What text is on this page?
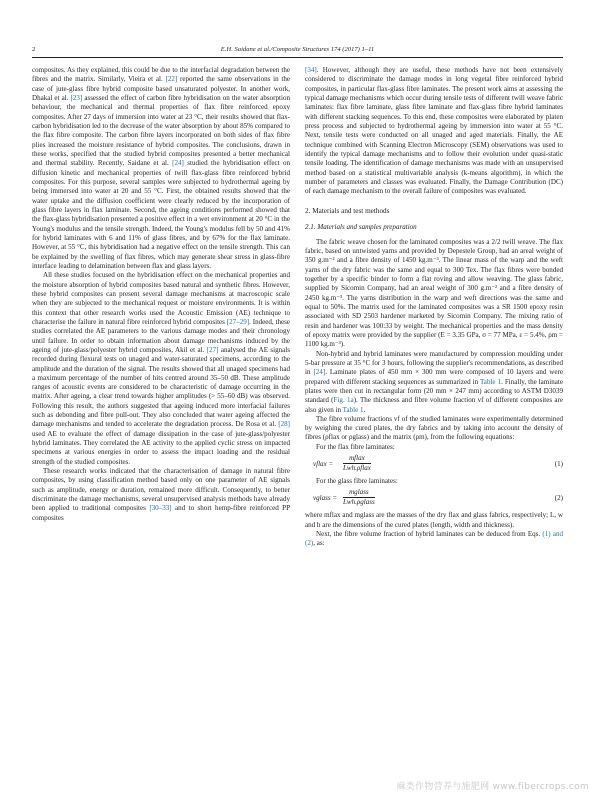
2	E.H. Saidane et al./Composite Structures 174 (2017) 1–11

composites. As they explained, this could be due to the interfacial degradation between the fibres and the matrix. Similarly, Vieira et al. [22] reported the same observations in the case of jute-glass fibre hybrid composite based unsaturated polyester. In another work, Dhakal et al. [23] assessed the effect of carbon fibre hybridisation on the water absorption behaviour, the mechanical and thermal properties of flax fibre reinforced epoxy composites. After 27 days of immersion into water at 23 °C, their results showed that flax-carbon hybridisation led to the decrease of the water absorption by about 85% compared to the flax fibre composite. The carbon fibre layers incorporated on both sides of flax fibre plies increased the moisture resistance of hybrid composites. The conclusions, drawn in these works, specified that the studied hybrid composites presented a better mechanical and thermal stability. Recently, Saidane et al. [24] studied the hybridisation effect on diffusion kinetic and mechanical properties of twill flax-glass fibre reinforced hybrid composites. For this purpose, several samples were subjected to hydrothermal ageing by being immersed into water at 20 and 55 °C. First, the obtained results showed that the water uptake and the diffusion coefficient were clearly reduced by the incorporation of glass fibre layers in flax laminate. Second, the ageing conditions performed showed that the flax-glass hybridisation presented a positive effect in a wet environment at 20 °C in the Young's modulus and the tensile strength. Indeed, the Young's modulus fell by 50 and 41% for hybrid laminates with 6 and 11% of glass fibres, and by 67% for the flax laminate. However, at 55 °C, this hybridisation had a negative effect on the tensile strength. This can be explained by the swelling of flax fibres, which may generate shear stress in glass-fibre interface leading to delamination between flax and glass layers.

All these studies focused on the hybridisation effect on the mechanical properties and the moisture absorption of hybrid composites based natural and synthetic fibres. However, these hybrid composites can present several damage mechanisms at macroscopic scale when they are subjected to the mechanical request or moisture environments. It is within this context that other research works used the Acoustic Emission (AE) technique to characterise the failure in natural fibre reinforced hybrid composites [27–29]. Indeed, these studies correlated the AE parameters to the various damage modes and their chronology until failure. In order to obtain information about damage mechanisms induced by the ageing of jute-glass/polyester hybrid composites, Akil et al. [27] analysed the AE signals recorded during flexural tests on unaged and water-saturated specimens, according to the amplitude and the duration of the signal. The results showed that all unaged specimens had a maximum percentage of the number of hits centred around 35–50 dB. These amplitude ranges of acoustic events are considered to be characteristic of damage occurring in the matrix. After ageing, a clear trend towards higher amplitudes (> 55–60 dB) was observed. Following this result, the authors suggested that ageing induced more interfacial failures such as debonding and fibre pull-out. They also concluded that water ageing affected the damage mechanisms and tended to accelerate the degradation process. De Rosa et al. [28] used AE to evaluate the effect of damage dissipation in the case of jute-glass/polyester hybrid laminates. They correlated the AE activity to the applied cyclic stress on impacted specimens at various energies in order to assess the impact loading and the residual strength of the studied composites.

These research works indicated that the characterisation of damage in natural fibre composites, by using classification method based only on one parameter of AE signals such as amplitude, energy or duration, remained more difficult. Consequently, to better discriminate the damage mechanisms, several unsupervised analysis methods have already been applied to traditional composites [30–33] and to short hemp-fibre reinforced PP composites

[34]. However, although they are useful, these methods have not been extensively considered to discriminate the damage modes in long vegetal fibre reinforced hybrid composites, in particular flax-glass fibre laminates. The present work aims at assessing the typical damage mechanisms which occur during tensile tests of different twill weave fabric laminates: flax fibre laminate, glass fibre laminate and flax-glass fibre hybrid laminates with different stacking sequences. To this end, these composites were elaborated by platen press process and subjected to hydrothermal ageing by immersion into water at 55 °C. Next, tensile tests were conducted on all unaged and aged materials. Finally, the AE technique combined with Scanning Electron Microscopy (SEM) observations was used to identify the typical damage mechanisms and to follow their evolution under quasi-static tensile loading. The identification of damage mechanisms was made with an unsupervised method based on a statistical multivariable analysis (k-means algorithm), in which the number of parameters and classes was evaluated. Finally, the Damage Contribution (DC) of each damage mechanism to the overall failure of composites was evaluated.

2. Materials and test methods
2.1. Materials and samples preparation

The fabric weave chosen for the laminated composites was a 2/2 twill weave. The flax fabric, based on untwisted yarns and provided by Depestele Group, had an areal weight of 350 g.m⁻² and a fibre density of 1450 kg.m⁻³. The linear mass of the warp and the weft yarns of the dry fabric was the same and equal to 300 Tex. The flax fibres were bonded together by a specific binder to form a flat roving and allow weaving. The glass fabric, supplied by Sicomin Company, had an areal weight of 300 g.m⁻² and a fibre density of 2450 kg.m⁻³. The yarns distribution in the warp and weft directions was the same and equal to 50%. The matrix used for the laminated composites was a SR 1500 epoxy resin associated with SD 2503 hardener marketed by Sicomin Company. The mixing ratio of resin and hardener was 100:33 by weight. The mechanical properties and the mass density of epoxy matrix were provided by the supplier (E = 3.35 GPa, σ = 77 MPa, ε = 5.4%, ρm = 1100 kg.m⁻³).

Non-hybrid and hybrid laminates were manufactured by compression moulding under 5-bar pressure at 35 °C for 3 hours, following the supplier's recommendations, as described in [24]. Laminate plates of 450 mm × 300 mm were composed of 10 layers and were prepared with different stacking sequences as summarized in Table 1. Finally, the laminate plates were then cut in rectangular form (20 mm × 247 mm) according to ASTM D3039 standard (Fig. 1a). The thickness and fibre volume fraction vf of different composites are also given in Table 1.

The fibre volume fractions vf of the studied laminates were experimentally determined by weighing the cured plates, the dry fabrics and by taking into account the density of fibres (ρflax or ρglass) and the matrix (ρm), from the following equations:

For the flax fibre laminates:

vflax =
mflax
Lwh.ρflax	(1)

For the glass fibre laminates:

vglass =
mglass
Lwh.ρglass	(2)

where mflax and mglass are the masses of the dry flax and glass fabrics, respectively; L, w and h are the dimensions of the cured plates (length, width and thickness).

Next, the fibre volume fraction of hybrid laminates can be deduced from Eqs. (1) and (2), as:

麻类作物营养与施肥网 www.fibercrops.com
